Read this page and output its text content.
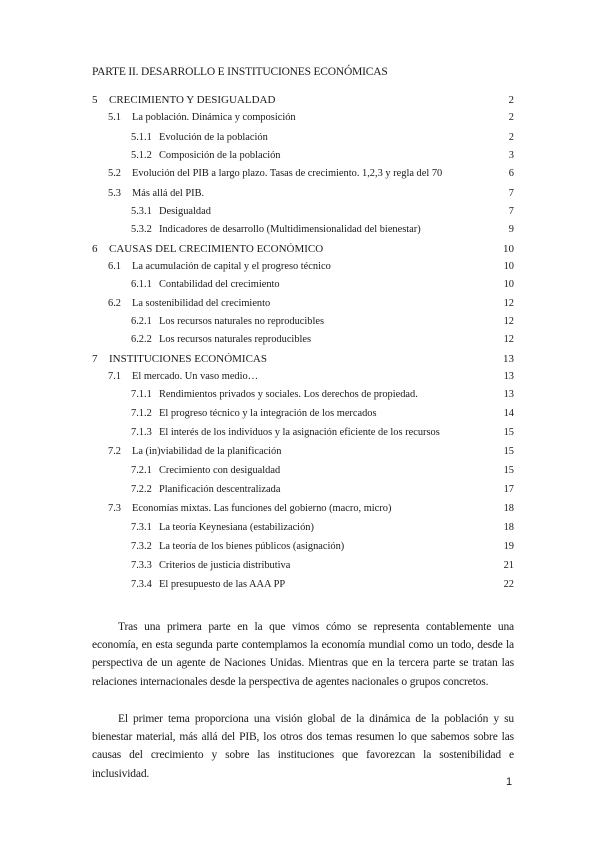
PARTE II. DESARROLLO E INSTITUCIONES ECONÓMICAS
5	CRECIMIENTO Y DESIGUALDAD	2
5.1	La población. Dinámica y composición	2
5.1.1 Evolución de la población	2
5.1.2 Composición de la población	3
5.2	Evolución del PIB a largo plazo. Tasas de crecimiento. 1,2,3 y regla del 70	6
5.3	Más allá del PIB.	7
5.3.1 Desigualdad	7
5.3.2 Indicadores de desarrollo (Multidimensionalidad del bienestar)	9
6	CAUSAS DEL CRECIMIENTO ECONÓMICO	10
6.1	La acumulación de capital y el progreso técnico	10
6.1.1 Contabilidad del crecimiento	10
6.2	La sostenibilidad del crecimiento	12
6.2.1 Los recursos naturales no reproducibles	12
6.2.2 Los recursos naturales reproducibles	12
7	INSTITUCIONES ECONÓMICAS	13
7.1	El mercado. Un vaso medio…	13
7.1.1 Rendimientos privados y sociales. Los derechos de propiedad.	13
7.1.2 El progreso técnico y la integración de los mercados	14
7.1.3 El interés de los individuos y la asignación eficiente de los recursos	15
7.2	La (in)viabilidad de la planificación	15
7.2.1 Crecimiento con desigualdad	15
7.2.2 Planificación descentralizada	17
7.3	Economías mixtas. Las funciones del gobierno (macro, micro)	18
7.3.1 La teoría Keynesiana (estabilización)	18
7.3.2 La teoría de los bienes públicos (asignación)	19
7.3.3 Criterios de justicia distributiva	21
7.3.4 El presupuesto de las AAA PP	22

Tras una primera parte en la que vimos cómo se representa contablemente una economía, en esta segunda parte contemplamos la economía mundial como un todo, desde la perspectiva de un agente de Naciones Unidas. Mientras que en la tercera parte se tratan las relaciones internacionales desde la perspectiva de agentes nacionales o grupos concretos.

El primer tema proporciona una visión global de la dinámica de la población y su bienestar material, más allá del PIB, los otros dos temas resumen lo que sabemos sobre las causas del crecimiento y sobre las instituciones que favorezcan la sostenibilidad e inclusividad.

1
